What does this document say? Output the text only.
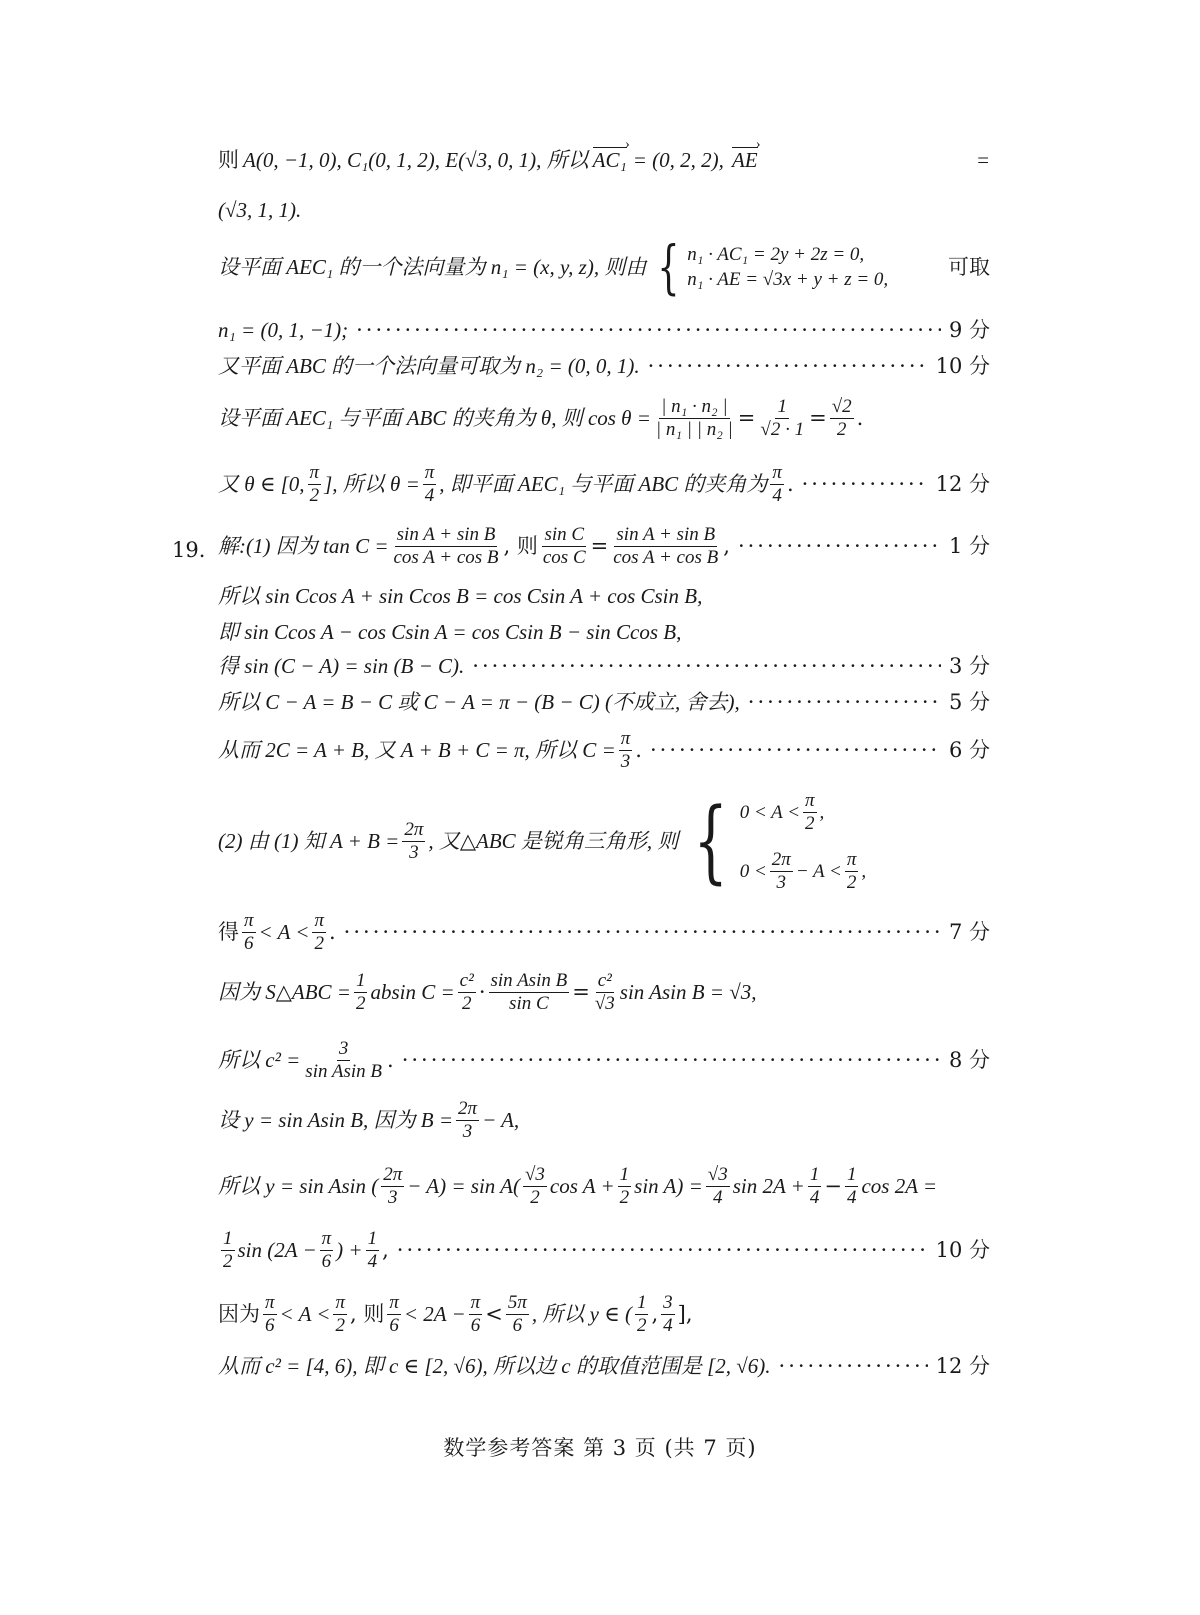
则 A(0, −1, 0), C₁(0, 1, 2), E(√3, 0, 1), 所以 AC₁ › = (0, 2, 2), AE ›	=
(√3, 1, 1).
设平面 AEC₁ 的一个法向量为 n₁ = (x, y, z), 则由 { n₁ · AC₁ = 2y + 2z = 0,
n₁ · AE = √3x + y + z = 0,
可取
n₁ = (0, 1, −1); ·····	9 分
又平面 ABC 的一个法向量可取为 n₂ = (0, 0, 1). ·····	10 分
设平面 AEC₁ 与平面 ABC 的夹角为 θ, 则 $\cos \theta = \frac{\text{| n₁ · n₂ |}}{\text{| n₁ | | n₂ |}} = \frac{1}{√2 \cdot 1} = \frac{√2}{2}$ .
又 θ ∈ [0, $\frac{\pi}{2}$ ], 所以 $\theta = \frac{\pi}{4}$ , 即平面 AEC₁ 与平面 ABC 的夹角为 $\frac{\pi}{4}$ . ·····	12 分
19. 解:(1) 因为 $\tan C = \frac{\text{sin A + sin B}}{\text{cos A + cos B}}$ , 则 $\frac{\text{sin C}}{\text{cos C}} = \frac{\text{sin A + sin B}}{\text{cos A + cos B}}$ , ·····	1 分
所以 sin Ccos A + sin Ccos B = cos Csin A + cos Csin B,
即 sin Ccos A − cos Csin A = cos Csin B − sin Ccos B,
得 sin (C − A) = sin (B − C). ·····	3 分
所以 C − A = B − C 或 C − A = π − (B − C) (不成立, 舍去), ·····	5 分
从而 2C = A + B, 又 A + B + C = π, 所以 $C = \frac{\pi}{3}$ . ·····	6 分
(2) 由 (1) 知 $A + B = \frac{2\pi}{3}$ , 又△ABC 是锐角三角形, 则 { $0 < A < \frac{\pi}{2}$ ,
$0 < \frac{2\pi}{3} - A < \frac{\pi}{2}$ ,
得 $\frac{\pi}{6} < A < \frac{\pi}{2}$ . ·····	7 分
因为 S△ABC = $\frac{1}{2}$ absin $C = \frac{\text{c²}}{2} \cdot \frac{\text{sin Asin B}}{\text{sin C}} = \frac{\text{c²}}{√3}$ sin Asin B = √3,
所以 $c^2 = \frac{3}{\text{sin Asin B}}$ . ·····	8 分
设 y = sin Asin B, 因为 $B = \frac{2\pi}{3} - A$,
所以 y = sin Asin ( $\frac{2\pi}{3} - A) = \sin A( \frac{√3}{2}$ $\cos A + \frac{1}{2}$ $\sin A) = \frac{√3}{4}$ $\sin 2A + \frac{1}{4} - \frac{1}{4}$ cos 2A =
$\frac{1}{2}$ $\sin (2A - \frac{\pi}{6}$ ) + $\frac{1}{4}$ , ·····	10 分
因为 $\frac{\pi}{6} < A < \frac{\pi}{2}$ , 则 $\frac{\pi}{6} < 2A - \frac{\pi}{6} < \frac{5\pi}{6}$ , 所以 y ∈ ( $\frac{1}{2}$ , $\frac{3}{4}$ ],
从而 c² = [4, 6), 即 c ∈ [2, √6), 所以边 c 的取值范围是 [2, √6). ·····	12 分
数学参考答案 第 3 页 (共 7 页)
